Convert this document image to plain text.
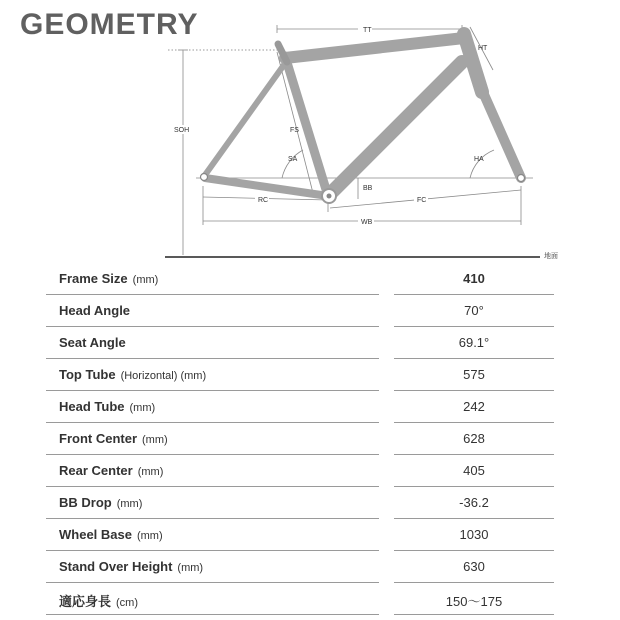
GEOMETRY	TT
HT
SOH	FS
SA	HA
BB
RC	FC
WB
地面
Frame Size (mm)	410
Head Angle	70°
Seat Angle	69.1°
Top Tube (Horizontal) (mm)	575
Head Tube (mm)	242
Front Center (mm)	628
Rear Center (mm)	405
BB Drop (mm)	-36.2
Wheel Base (mm)	1030
Stand Over Height (mm)	630
適応身長 (cm)	150〜175
